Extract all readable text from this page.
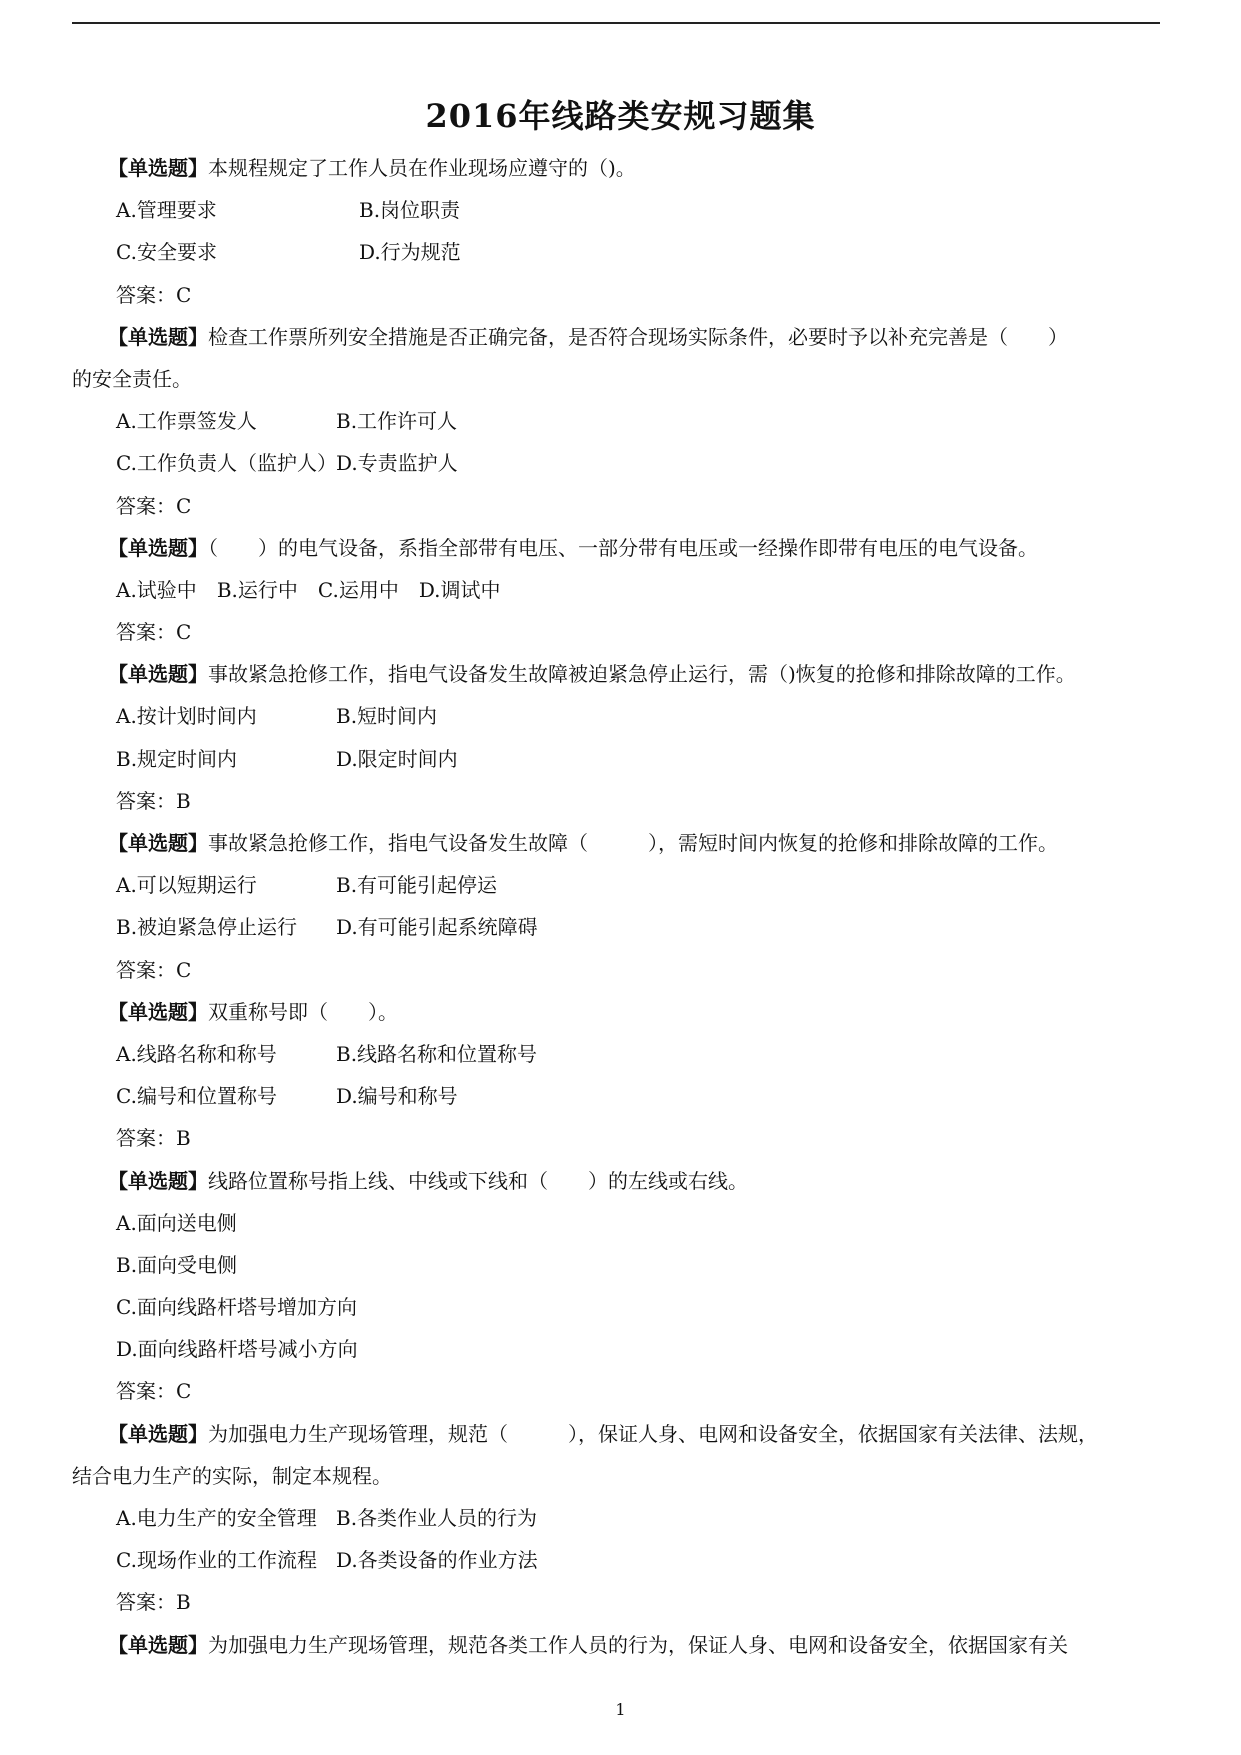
2016年线路类安规习题集
【单选题】本规程规定了工作人员在作业现场应遵守的（)。
A.管理要求	B.岗位职责
C.安全要求	D.行为规范
答案：C
【单选题】检查工作票所列安全措施是否正确完备，是否符合现场实际条件，必要时予以补充完善是（　　）
的安全责任。
A.工作票签发人	B.工作许可人
C.工作负责人（监护人）D.专责监护人
答案：C
【单选题】（　　）的电气设备，系指全部带有电压、一部分带有电压或一经操作即带有电压的电气设备。
A.试验中 B.运行中 C.运用中 D.调试中
答案：C
【单选题】事故紧急抢修工作，指电气设备发生故障被迫紧急停止运行，需（)恢复的抢修和排除故障的工作。
A.按计划时间内	B.短时间内
B.规定时间内	D.限定时间内
答案：B
【单选题】事故紧急抢修工作，指电气设备发生故障（　　　），需短时间内恢复的抢修和排除故障的工作。
A.可以短期运行	B.有可能引起停运
B.被迫紧急停止运行 D.有可能引起系统障碍
答案：C
【单选题】双重称号即（　　）。
A.线路名称和称号	B.线路名称和位置称号
C.编号和位置称号	D.编号和称号
答案：B
【单选题】线路位置称号指上线、中线或下线和（　　）的左线或右线。
A.面向送电侧
B.面向受电侧
C.面向线路杆塔号增加方向
D.面向线路杆塔号减小方向
答案：C
【单选题】为加强电力生产现场管理，规范（　　　），保证人身、电网和设备安全，依据国家有关法律、法规，
结合电力生产的实际，制定本规程。
A.电力生产的安全管理 B.各类作业人员的行为
C.现场作业的工作流程 D.各类设备的作业方法
答案：B
【单选题】为加强电力生产现场管理，规范各类工作人员的行为，保证人身、电网和设备安全，依据国家有关
1
